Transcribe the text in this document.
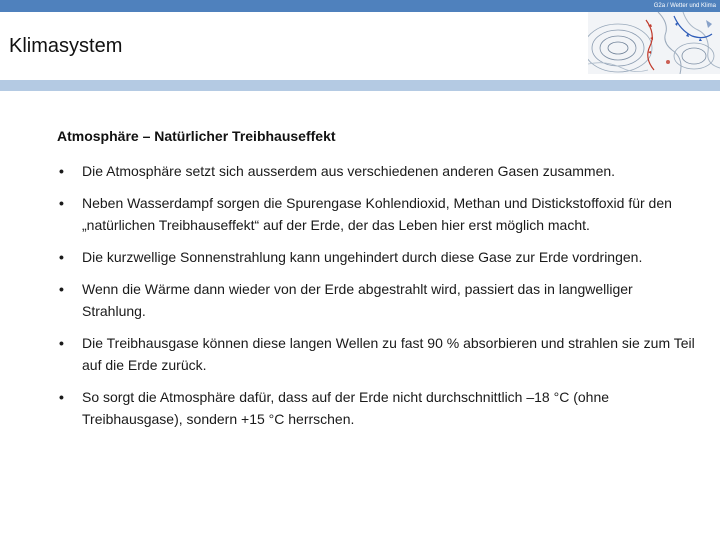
G2a / Wetter und Klima
Klimasystem
Atmosphäre – Natürlicher Treibhauseffekt
• Die Atmosphäre setzt sich ausserdem aus verschiedenen anderen Gasen zusammen.
• Neben Wasserdampf sorgen die Spurengase Kohlendioxid, Methan und Distickstoffoxid für den „natürlichen Treibhauseffekt“ auf der Erde, der das Leben hier erst möglich macht.
• Die kurzwellige Sonnenstrahlung kann ungehindert durch diese Gase zur Erde vordringen.
• Wenn die Wärme dann wieder von der Erde abgestrahlt wird, passiert das in langwelliger Strahlung.
• Die Treibhausgase können diese langen Wellen zu fast 90 % absorbieren und strahlen sie zum Teil auf die Erde zurück.
• So sorgt die Atmosphäre dafür, dass auf der Erde nicht durchschnittlich –18 °C (ohne Treibhausgase), sondern +15 °C herrschen.
